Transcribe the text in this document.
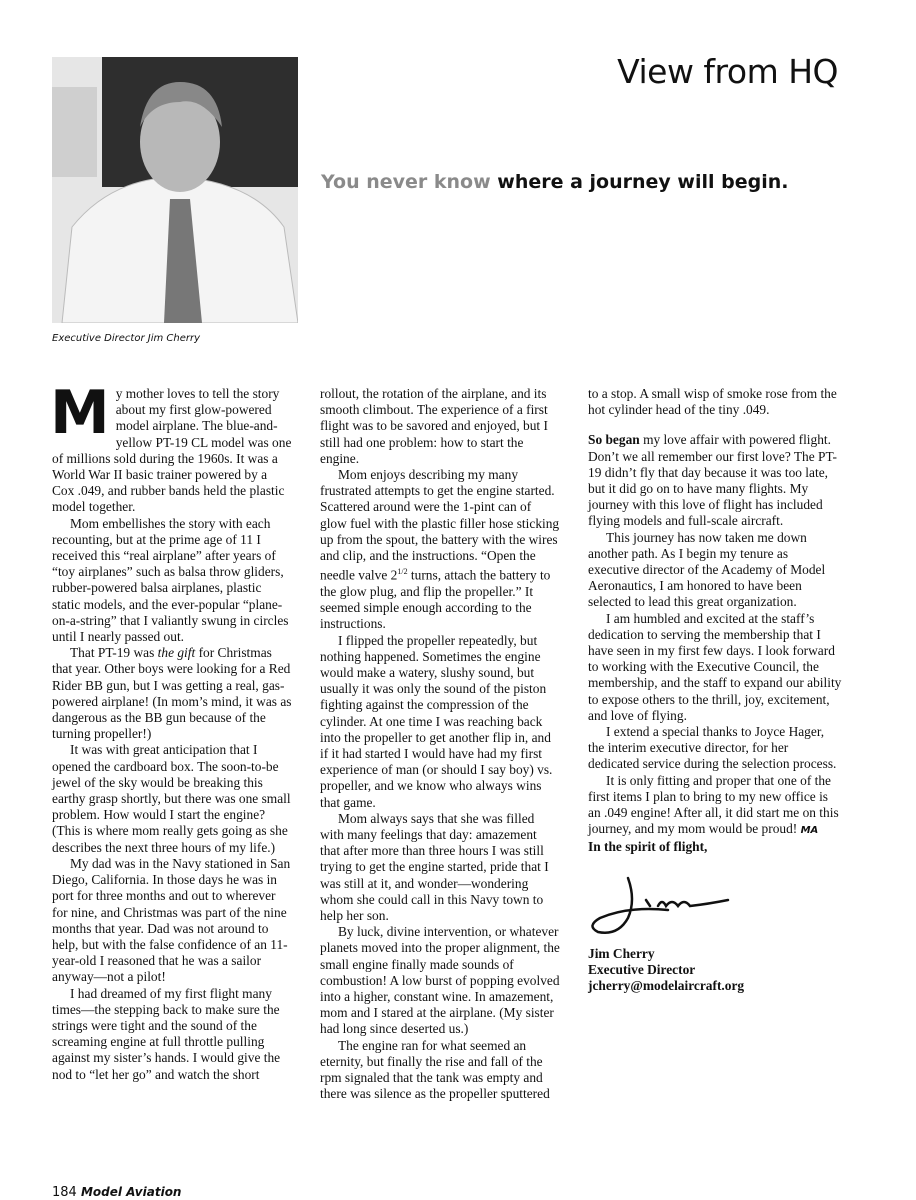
View from HQ
Executive Director Jim Cherry
You never know where a journey will begin.

My mother loves to tell the story about my first glow-powered model airplane. The blue-and-yellow PT-19 CL model was one of millions sold during the 1960s. It was a World War II basic trainer powered by a Cox .049, and rubber bands held the plastic model together.

Mom embellishes the story with each recounting, but at the prime age of 11 I received this “real airplane” after years of “toy airplanes” such as balsa throw gliders, rubber-powered balsa airplanes, plastic static models, and the ever-popular “plane-on-a-string” that I valiantly swung in circles until I nearly passed out.

That PT-19 was the gift for Christmas that year. Other boys were looking for a Red Rider BB gun, but I was getting a real, gas-powered airplane! (In mom’s mind, it was as dangerous as the BB gun because of the turning propeller!)

It was with great anticipation that I opened the cardboard box. The soon-to-be jewel of the sky would be breaking this earthy grasp shortly, but there was one small problem. How would I start the engine? (This is where mom really gets going as she describes the next three hours of my life.)

My dad was in the Navy stationed in San Diego, California. In those days he was in port for three months and out to wherever for nine, and Christmas was part of the nine months that year. Dad was not around to help, but with the false confidence of an 11-year-old I reasoned that he was a sailor anyway—not a pilot!

I had dreamed of my first flight many times—the stepping back to make sure the strings were tight and the sound of the screaming engine at full throttle pulling against my sister’s hands. I would give the nod to “let her go” and watch the short

rollout, the rotation of the airplane, and its smooth climbout. The experience of a first flight was to be savored and enjoyed, but I still had one problem: how to start the engine.

Mom enjoys describing my many frustrated attempts to get the engine started. Scattered around were the 1-pint can of glow fuel with the plastic filler hose sticking up from the spout, the battery with the wires and clip, and the instructions. “Open the needle valve $2^{1/2}$ turns, attach the battery to the glow plug, and flip the propeller.” It seemed simple enough according to the instructions.

I flipped the propeller repeatedly, but nothing happened. Sometimes the engine would make a watery, slushy sound, but usually it was only the sound of the piston fighting against the compression of the cylinder. At one time I was reaching back into the propeller to get another flip in, and if it had started I would have had my first experience of man (or should I say boy) vs. propeller, and we know who always wins that game.

Mom always says that she was filled with many feelings that day: amazement that after more than three hours I was still trying to get the engine started, pride that I was still at it, and wonder—wondering whom she could call in this Navy town to help her son.

By luck, divine intervention, or whatever planets moved into the proper alignment, the small engine finally made sounds of combustion! A low burst of popping evolved into a higher, constant wine. In amazement, mom and I stared at the airplane. (My sister had long since deserted us.)

The engine ran for what seemed an eternity, but finally the rise and fall of the rpm signaled that the tank was empty and there was silence as the propeller sputtered

to a stop. A small wisp of smoke rose from the hot cylinder head of the tiny .049.

So began my love affair with powered flight. Don’t we all remember our first love? The PT-19 didn’t fly that day because it was too late, but it did go on to have many flights. My journey with this love of flight has included flying models and full-scale aircraft.

This journey has now taken me down another path. As I begin my tenure as executive director of the Academy of Model Aeronautics, I am honored to have been selected to lead this great organization.

I am humbled and excited at the staff’s dedication to serving the membership that I have seen in my first few days. I look forward to working with the Executive Council, the membership, and the staff to expand our ability to expose others to the thrill, joy, excitement, and love of flying.

I extend a special thanks to Joyce Hager, the interim executive director, for her dedicated service during the selection process.

It is only fitting and proper that one of the first items I plan to bring to my new office is an .049 engine! After all, it did start me on this journey, and my mom would be proud! MA

In the spirit of flight,

Jim Cherry

Executive Director

jcherry@modelaircraft.org

184 Model Aviation
